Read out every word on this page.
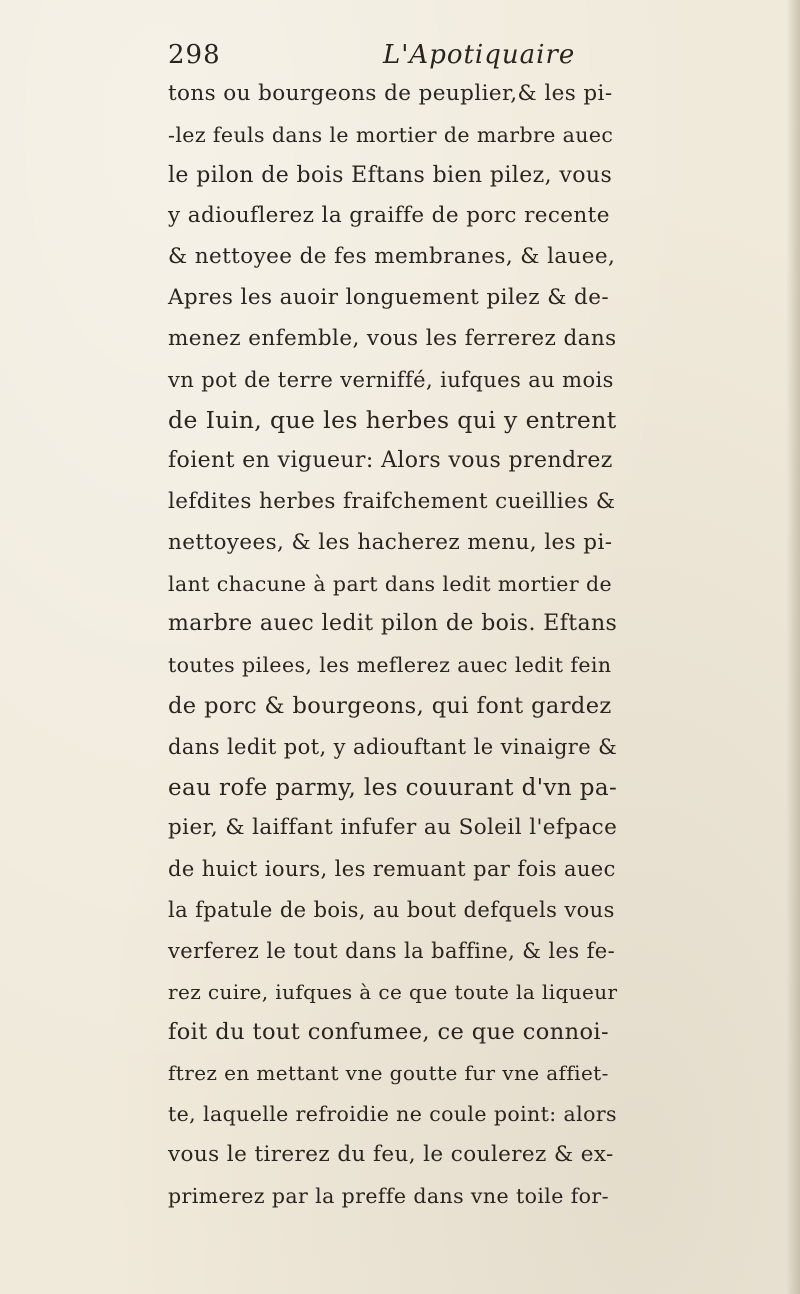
298	L'Apotiquaire
tons ou bourgeons de peuplier,& les pi-
-lez feuls dans le mortier de marbre auec
le pilon de bois Eftans bien pilez, vous
y adiouflerez la graiffe de porc recente
& nettoyee de fes membranes, & lauee,
Apres les auoir longuement pilez & de-
menez enfemble, vous les ferrerez dans
vn pot de terre verniffé, iufques au mois
de Iuin, que les herbes qui y entrent
foient en vigueur: Alors vous prendrez
lefdites herbes fraifchement cueillies &
nettoyees, & les hacherez menu, les pi-
lant chacune à part dans ledit mortier de
marbre auec ledit pilon de bois. Eftans
toutes pilees, les meflerez auec ledit fein
de porc & bourgeons, qui font gardez
dans ledit pot, y adiouftant le vinaigre &
eau rofe parmy, les couurant d'vn pa-
pier, & laiffant infufer au Soleil l'efpace
de huict iours, les remuant par fois auec
la fpatule de bois, au bout defquels vous
verferez le tout dans la baffine, & les fe-
rez cuire, iufques à ce que toute la liqueur
foit du tout confumee, ce que connoi-
ftrez en mettant vne goutte fur vne affiet-
te, laquelle refroidie ne coule point: alors
vous le tirerez du feu, le coulerez & ex-
primerez par la preffe dans vne toile for-
